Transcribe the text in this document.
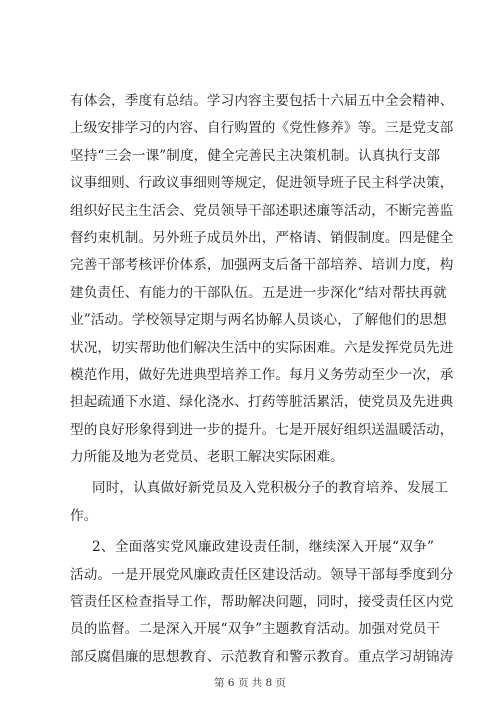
有体会，季度有总结。学习内容主要包括十六届五中全会精神、
上级安排学习的内容、自行购置的《党性修养》等。三是党支部
坚持“三会一课”制度，健全完善民主决策机制。认真执行支部
议事细则、行政议事细则等规定，促进领导班子民主科学决策，
组织好民主生活会、党员领导干部述职述廉等活动，不断完善监
督约束机制。另外班子成员外出，严格请、销假制度。四是健全
完善干部考核评价体系，加强两支后备干部培养、培训力度，构
建负责任、有能力的干部队伍。五是进一步深化“结对帮扶再就
业”活动。学校领导定期与两名协解人员谈心，了解他们的思想
状况，切实帮助他们解决生活中的实际困难。六是发挥党员先进
模范作用，做好先进典型培养工作。每月义务劳动至少一次，承
担起疏通下水道、绿化浇水、打药等脏活累活，使党员及先进典
型的良好形象得到进一步的提升。七是开展好组织送温暖活动，
力所能及地为老党员、老职工解决实际困难。
同时，认真做好新党员及入党积极分子的教育培养、发展工
作。
2、全面落实党风廉政建设责任制，继续深入开展“双争”
活动。一是开展党风廉政责任区建设活动。领导干部每季度到分
管责任区检查指导工作，帮助解决问题，同时，接受责任区内党
员的监督。二是深入开展“双争”主题教育活动。加强对党员干
部反腐倡廉的思想教育、示范教育和警示教育。重点学习胡锦涛
第 6 页 共 8 页
